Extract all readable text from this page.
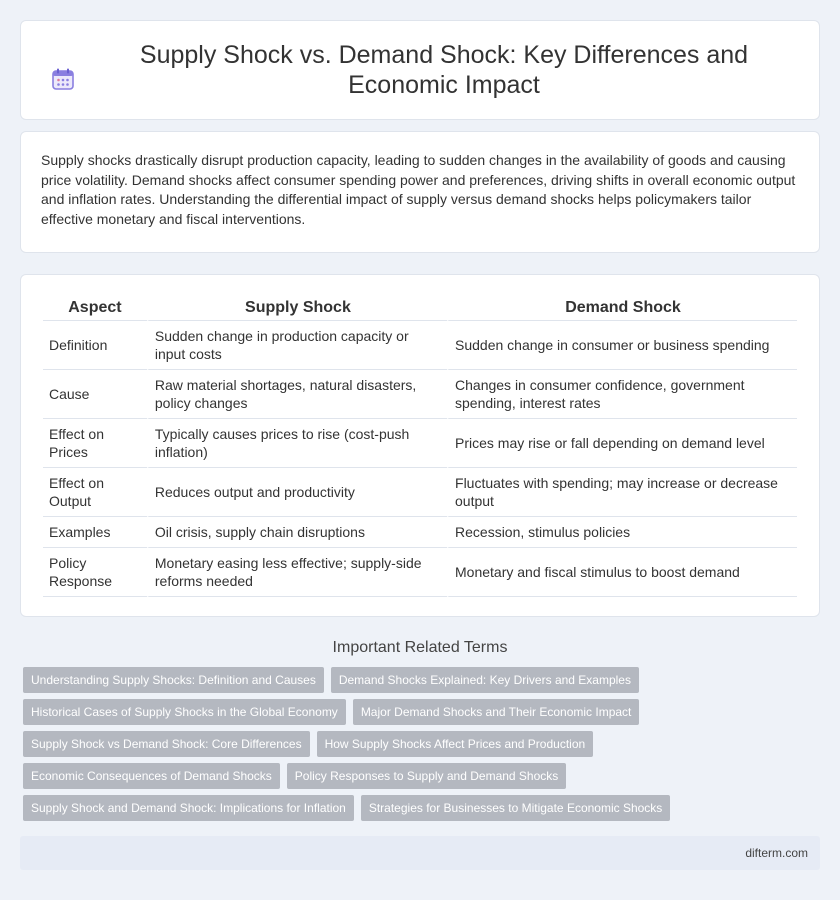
Supply Shock vs. Demand Shock: Key Differences and Economic Impact

Supply shocks drastically disrupt production capacity, leading to sudden changes in the availability of goods and causing price volatility. Demand shocks affect consumer spending power and preferences, driving shifts in overall economic output and inflation rates. Understanding the differential impact of supply versus demand shocks helps policymakers tailor effective monetary and fiscal interventions.

Aspect	Supply Shock	Demand Shock
Definition	Sudden change in production capacity or input costs	Sudden change in consumer or business spending
Cause	Raw material shortages, natural disasters, policy changes	Changes in consumer confidence, government spending, interest rates
Effect on Prices	Typically causes prices to rise (cost-push inflation)	Prices may rise or fall depending on demand level
Effect on Output	Reduces output and productivity	Fluctuates with spending; may increase or decrease output
Examples	Oil crisis, supply chain disruptions	Recession, stimulus policies
Policy Response	Monetary easing less effective; supply-side reforms needed	Monetary and fiscal stimulus to boost demand
Important Related Terms
Understanding Supply Shocks: Definition and Causes	Demand Shocks Explained: Key Drivers and Examples
Historical Cases of Supply Shocks in the Global Economy	Major Demand Shocks and Their Economic Impact
Supply Shock vs Demand Shock: Core Differences	How Supply Shocks Affect Prices and Production
Economic Consequences of Demand Shocks	Policy Responses to Supply and Demand Shocks
Supply Shock and Demand Shock: Implications for Inflation	Strategies for Businesses to Mitigate Economic Shocks
difterm.com
